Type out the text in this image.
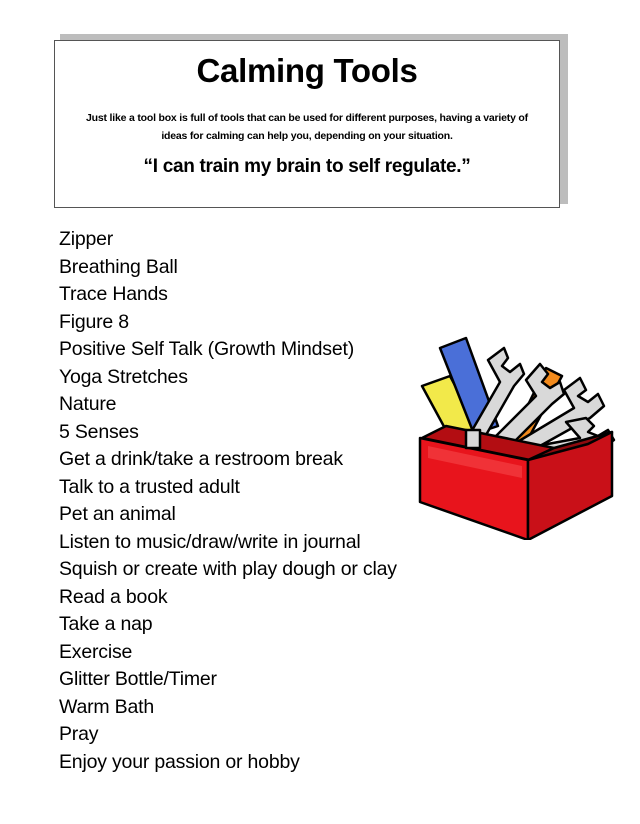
Calming Tools

Just like a tool box is full of tools that can be used for different purposes, having a variety of ideas for calming can help you, depending on your situation.

“I can train my brain to self regulate.”

Zipper
Breathing Ball
Trace Hands
Figure 8
Positive Self Talk (Growth Mindset)
Yoga Stretches
Nature
5 Senses
Get a drink/take a restroom break
Talk to a trusted adult
Pet an animal
Listen to music/draw/write in journal
Squish or create with play dough or clay
Read a book
Take a nap
Exercise
Glitter Bottle/Timer
Warm Bath
Pray
Enjoy your passion or hobby
